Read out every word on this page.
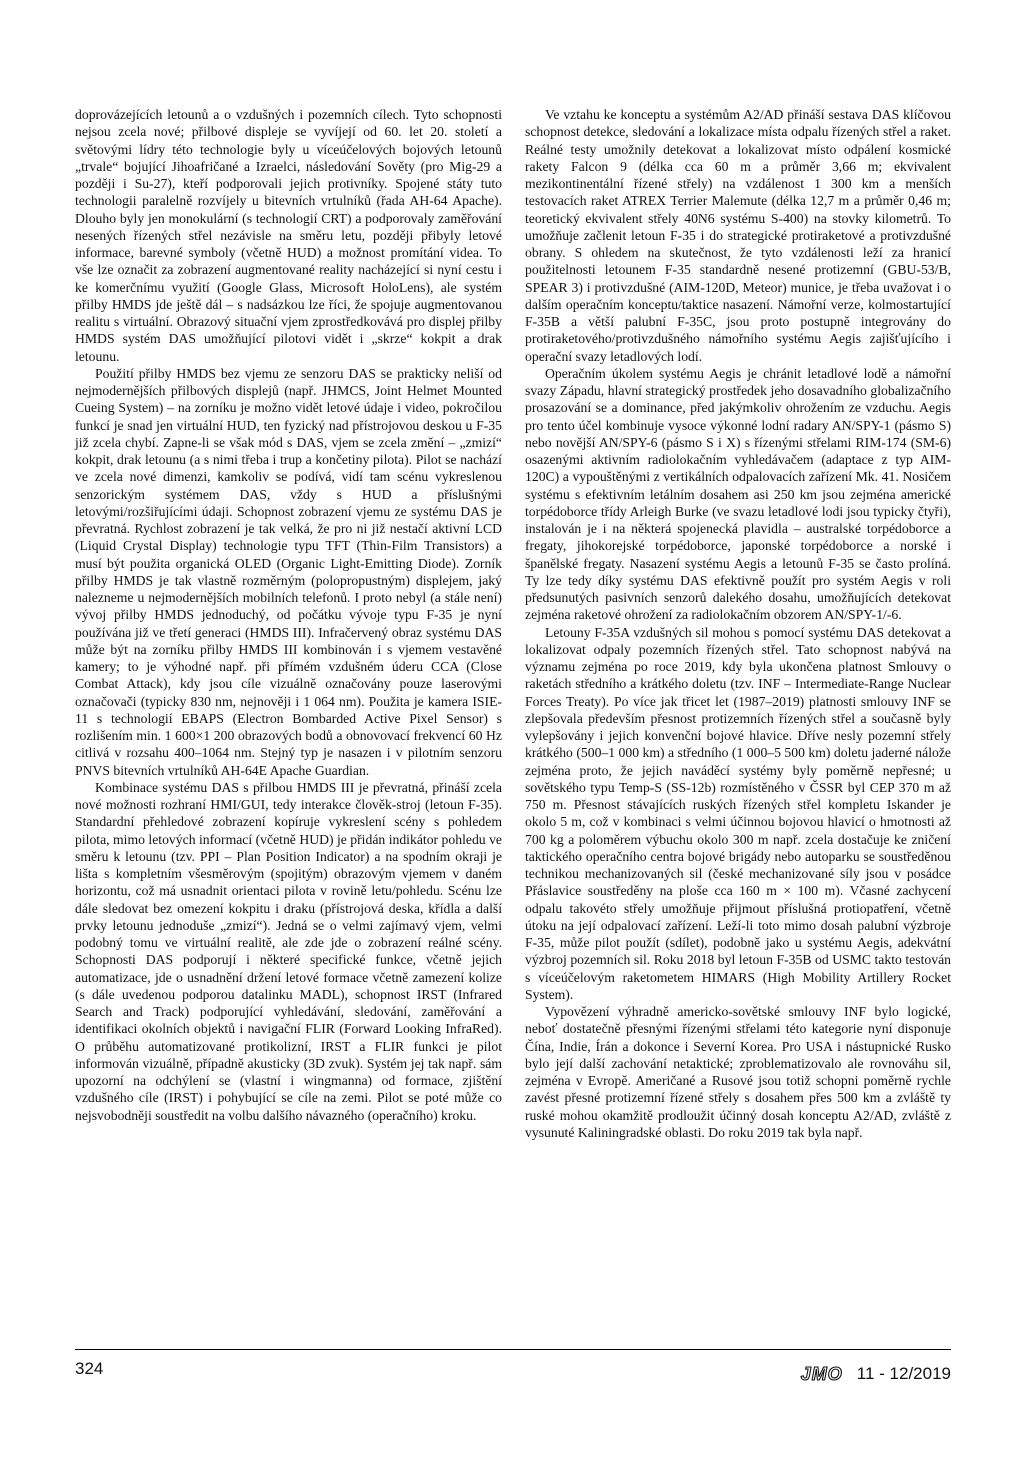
doprovázejících letounů a o vzdušných i pozemních cílech. Tyto schopnosti nejsou zcela nové; přilbové displeje se vyvíjejí od 60. let 20. století a světovými lídry této technologie byly u víceúčelových bojových letounů „trvale“ bojující Jihoafričané a Izraelci, následování Sověty (pro Mig-29 a později i Su-27), kteří podporovali jejich protivníky. Spojené státy tuto technologii paralelně rozvíjely u bitevních vrtulníků (řada AH-64 Apache). Dlouho byly jen monokulární (s technologií CRT) a podporovaly zaměřování nesených řízených střel nezávisle na směru letu, později přibyly letové informace, barevné symboly (včetně HUD) a možnost promítání videa. To vše lze označit za zobrazení augmentované reality nacházející si nyní cestu i ke komerčnímu využití (Google Glass, Microsoft HoloLens), ale systém přilby HMDS jde ještě dál – s nadsázkou lze říci, že spojuje augmentovanou realitu s virtuální. Obrazový situační vjem zprostředkovává pro displej přilby HMDS systém DAS umožňující pilotovi vidět i „skrze“ kokpit a drak letounu.

Použití přilby HMDS bez vjemu ze senzoru DAS se prakticky neliší od nejmodernějších přilbových displejů (např. JHMCS, Joint Helmet Mounted Cueing System) – na zorníku je možno vidět letové údaje i video, pokročilou funkcí je snad jen virtuální HUD, ten fyzický nad přístrojovou deskou u F-35 již zcela chybí. Zapne-li se však mód s DAS, vjem se zcela změní – „zmizí“ kokpit, drak letounu (a s nimi třeba i trup a končetiny pilota). Pilot se nachází ve zcela nové dimenzi, kamkoliv se podívá, vidí tam scénu vykreslenou senzorickým systémem DAS, vždy s HUD a příslušnými letovými/rozšiřujícími údaji. Schopnost zobrazení vjemu ze systému DAS je převratná. Rychlost zobrazení je tak velká, že pro ni již nestačí aktivní LCD (Liquid Crystal Display) technologie typu TFT (Thin-Film Transistors) a musí být použita organická OLED (Organic Light-Emitting Diode). Zorník přilby HMDS je tak vlastně rozměrným (polopropustným) displejem, jaký nalezneme u nejmodernějších mobilních telefonů. I proto nebyl (a stále není) vývoj přilby HMDS jednoduchý, od počátku vývoje typu F-35 je nyní používána již ve třetí generaci (HMDS III). Infračervený obraz systému DAS může být na zorníku přilby HMDS III kombinován i s vjemem vestavěné kamery; to je výhodné např. při přímém vzdušném úderu CCA (Close Combat Attack), kdy jsou cíle vizuálně označovány pouze laserovými označovači (typicky 830 nm, nejnověji i 1 064 nm). Použita je kamera ISIE-11 s technologií EBAPS (Electron Bombarded Active Pixel Sensor) s rozlišením min. 1 600×1 200 obrazových bodů a obnovovací frekvencí 60 Hz citlivá v rozsahu 400–1064 nm. Stejný typ je nasazen i v pilotním senzoru PNVS bitevních vrtulníků AH-64E Apache Guardian.

Kombinace systému DAS s přilbou HMDS III je převratná, přináší zcela nové možnosti rozhraní HMI/GUI, tedy interakce člověk-stroj (letoun F-35). Standardní přehledové zobrazení kopíruje vykreslení scény s pohledem pilota, mimo letových informací (včetně HUD) je přidán indikátor pohledu ve směru k letounu (tzv. PPI – Plan Position Indicator) a na spodním okraji je lišta s kompletním všesměrovým (spojitým) obrazovým vjemem v daném horizontu, což má usnadnit orientaci pilota v rovině letu/pohledu. Scénu lze dále sledovat bez omezení kokpitu i draku (přístrojová deska, křídla a další prvky letounu jednoduše „zmizí“). Jedná se o velmi zajímavý vjem, velmi podobný tomu ve virtuální realitě, ale zde jde o zobrazení reálné scény. Schopnosti DAS podporují i některé specifické funkce, včetně jejich automatizace, jde o usnadnění držení letové formace včetně zamezení kolize (s dále uvedenou podporou datalinku MADL), schopnost IRST (Infrared Search and Track) podporující vyhledávání, sledování, zaměřování a identifikaci okolních objektů i navigační FLIR (Forward Looking InfraRed). O průběhu automatizované protikolizní, IRST a FLIR funkci je pilot informován vizuálně, případně akusticky (3D zvuk). Systém jej tak např. sám upozorní na odchýlení se (vlastní i wingmanna) od formace, zjištění vzdušného cíle (IRST) i pohybující se cíle na zemi. Pilot se poté může co nejsvobodněji soustředit na volbu dalšího návazného (operačního) kroku.

Ve vztahu ke konceptu a systémům A2/AD přináší sestava DAS klíčovou schopnost detekce, sledování a lokalizace místa odpalu řízených střel a raket. Reálné testy umožnily detekovat a lokalizovat místo odpálení kosmické rakety Falcon 9 (délka cca 60 m a průměr 3,66 m; ekvivalent mezikontinentální řízené střely) na vzdálenost 1 300 km a menších testovacích raket ATREX Terrier Malemute (délka 12,7 m a průměr 0,46 m; teoretický ekvivalent střely 40N6 systému S-400) na stovky kilometrů. To umožňuje začlenit letoun F-35 i do strategické protiraketové a protivzdušné obrany. S ohledem na skutečnost, že tyto vzdálenosti leží za hranicí použitelnosti letounem F-35 standardně nesené protizemní (GBU-53/B, SPEAR 3) i protivzdušné (AIM-120D, Meteor) munice, je třeba uvažovat i o dalším operačním konceptu/taktice nasazení. Námořní verze, kolmostartující F-35B a větší palubní F-35C, jsou proto postupně integrovány do protiraketového/protivzdušného námořního systému Aegis zajišťujícího i operační svazy letadlových lodí.

Operačním úkolem systému Aegis je chránit letadlové lodě a námořní svazy Západu, hlavní strategický prostředek jeho dosavadního globalizačního prosazování se a dominance, před jakýmkoliv ohrožením ze vzduchu. Aegis pro tento účel kombinuje vysoce výkonné lodní radary AN/SPY-1 (pásmo S) nebo novější AN/SPY-6 (pásmo S i X) s řízenými střelami RIM-174 (SM-6) osazenými aktivním radiolokačním vyhledávačem (adaptace z typ AIM-120C) a vypouštěnými z vertikálních odpalovacích zařízení Mk. 41. Nosičem systému s efektivním letálním dosahem asi 250 km jsou zejména americké torpédoborce třídy Arleigh Burke (ve svazu letadlové lodi jsou typicky čtyři), instalován je i na některá spojenecká plavidla – australské torpédoborce a fregaty, jihokorejské torpédoborce, japonské torpédoborce a norské i španělské fregaty. Nasazení systému Aegis a letounů F-35 se často prolíná. Ty lze tedy díky systému DAS efektivně použít pro systém Aegis v roli předsunutých pasivních senzorů dalekého dosahu, umožňujících detekovat zejména raketové ohrožení za radiolokačním obzorem AN/SPY-1/-6.

Letouny F-35A vzdušných sil mohou s pomocí systému DAS detekovat a lokalizovat odpaly pozemních řízených střel. Tato schopnost nabývá na významu zejména po roce 2019, kdy byla ukončena platnost Smlouvy o raketách středního a krátkého doletu (tzv. INF – Intermediate-Range Nuclear Forces Treaty). Po více jak třicet let (1987–2019) platnosti smlouvy INF se zlepšovala především přesnost protizemních řízených střel a současně byly vylepšovány i jejich konvenční bojové hlavice. Dříve nesly pozemní střely krátkého (500–1 000 km) a středního (1 000–5 500 km) doletu jaderné nálože zejména proto, že jejich naváděcí systémy byly poměrně nepřesné; u sovětského typu Temp-S (SS-12b) rozmístěného v ČSSR byl CEP 370 m až 750 m. Přesnost stávajících ruských řízených střel kompletu Iskander je okolo 5 m, což v kombinaci s velmi účinnou bojovou hlavicí o hmotnosti až 700 kg a poloměrem výbuchu okolo 300 m např. zcela dostačuje ke zničení taktického operačního centra bojové brigády nebo autoparku se soustředěnou technikou mechanizovaných sil (české mechanizované síly jsou v posádce Přáslavice soustředěny na ploše cca 160 m × 100 m). Včasné zachycení odpalu takovéto střely umožňuje přijmout příslušná protiopatření, včetně útoku na její odpalovací zařízení. Leží-li toto mimo dosah palubní výzbroje F-35, může pilot použít (sdílet), podobně jako u systému Aegis, adekvátní výzbroj pozemních sil. Roku 2018 byl letoun F-35B od USMC takto testován s víceúčelovým raketometem HIMARS (High Mobility Artillery Rocket System).

Vypovězení výhradně americko-sovětské smlouvy INF bylo logické, neboť dostatečně přesnými řízenými střelami této kategorie nyní disponuje Čína, Indie, Írán a dokonce i Severní Korea. Pro USA i nástupnické Rusko bylo její další zachování netaktické; zproblematizovalo ale rovnováhu sil, zejména v Evropě. Američané a Rusové jsou totiž schopni poměrně rychle zavést přesné protizemní řízené střely s dosahem přes 500 km a zvláště ty ruské mohou okamžitě prodloužit účinný dosah konceptu A2/AD, zvláště z vysunuté Kaliningradské oblasti. Do roku 2019 tak byla např.

324	JMO 11 - 12/2019
